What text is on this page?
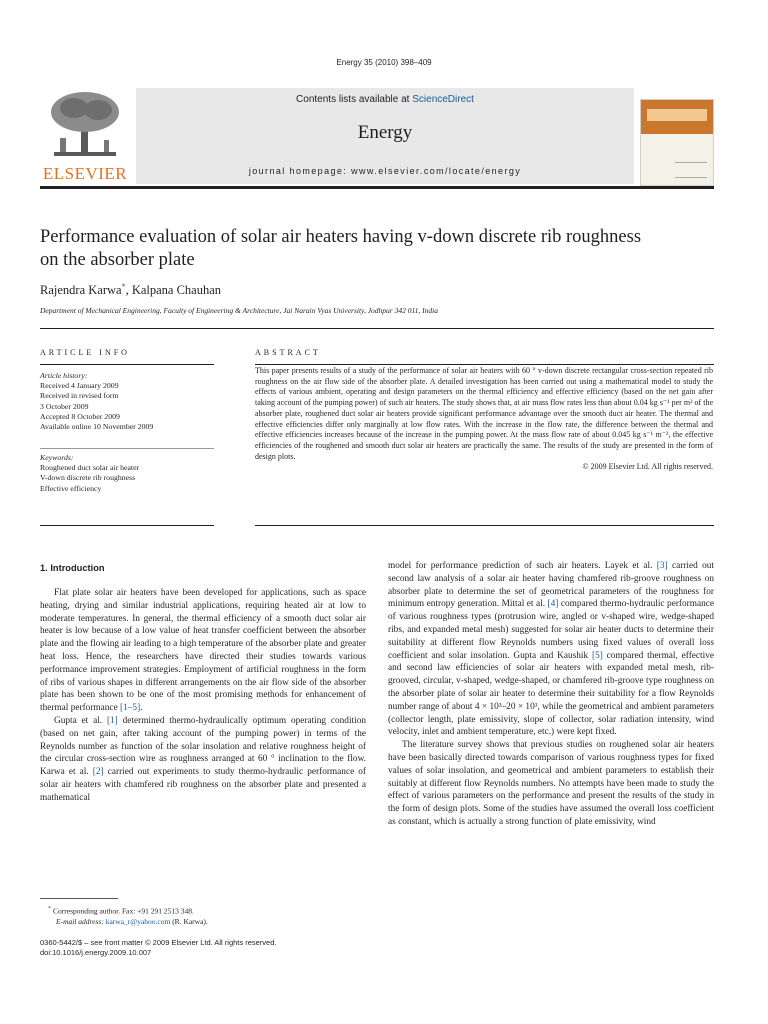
Energy 35 (2010) 398–409
ELSEVIER
Contents lists available at ScienceDirect
Energy
journal homepage: www.elsevier.com/locate/energy
Performance evaluation of solar air heaters having v-down discrete rib roughness on the absorber plate
Rajendra Karwa*, Kalpana Chauhan
Department of Mechanical Engineering, Faculty of Engineering & Architecture, Jai Narain Vyas University, Jodhpur 342 011, India
ARTICLE INFO
Article history:
Received 4 January 2009
Received in revised form
3 October 2009
Accepted 8 October 2009
Available online 10 November 2009
Keywords:
Roughened duct solar air heater
V-down discrete rib roughness
Effective efficiency
ABSTRACT
This paper presents results of a study of the performance of solar air heaters with 60 ° v-down discrete rectangular cross-section repeated rib roughness on the air flow side of the absorber plate. A detailed investigation has been carried out using a mathematical model to study the effects of various ambient, operating and design parameters on the thermal efficiency and effective efficiency (based on the net gain after taking account of the pumping power) of such air heaters. The study shows that, at air mass flow rates less than about 0.04 kg s⁻¹ per m² of the absorber plate, roughened duct solar air heaters provide significant performance advantage over the smooth duct air heater. The thermal and effective efficiencies differ only marginally at low flow rates. With the increase in the flow rate, the difference between the thermal and effective efficiencies increases because of the increase in the pumping power. At the mass flow rate of about 0.045 kg s⁻¹ m⁻², the effective efficiencies of the roughened and smooth duct solar air heaters are practically the same. The results of the study are presented in the form of design plots.
© 2009 Elsevier Ltd. All rights reserved.
1. Introduction

Flat plate solar air heaters have been developed for applications, such as space heating, drying and similar industrial applications, requiring heated air at low to moderate temperatures. In general, the thermal efficiency of a smooth duct solar air heater is low because of a low value of heat transfer coefficient between the absorber plate and the flowing air leading to a high temperature of the absorber plate and greater heat loss. Hence, the researchers have directed their studies towards various performance improvement strategies. Employment of artificial roughness in the form of ribs of various shapes in different arrangements on the air flow side of the absorber plate has been shown to be one of the most promising methods for enhancement of thermal performance [1–5].

Gupta et al. [1] determined thermo-hydraulically optimum operating condition (based on net gain, after taking account of the pumping power) in terms of the Reynolds number as function of the solar insolation and relative roughness height of the circular cross-section wire as roughness arranged at 60 ° inclination to the flow. Karwa et al. [2] carried out experiments to study thermo-hydraulic performance of solar air heaters with chamfered rib roughness on the absorber plate and presented a mathematical

model for performance prediction of such air heaters. Layek et al. [3] carried out second law analysis of a solar air heater having chamfered rib-groove roughness on absorber plate to determine the set of geometrical parameters of the roughness for minimum entropy generation. Mittal et al. [4] compared thermo-hydraulic performance of various roughness types (protrusion wire, angled or v-shaped wire, wedge-shaped ribs, and expanded metal mesh) suggested for solar air heater ducts to determine their suitability at different flow Reynolds numbers using fixed values of overall loss coefficient and solar insolation. Gupta and Kaushik [5] compared thermal, effective and second law efficiencies of solar air heaters with expanded metal mesh, rib-grooved, circular, v-shaped, wedge-shaped, or chamfered rib-groove type roughness on the absorber plate of solar air heater to determine their suitability for a flow Reynolds number range of about 4 × 10³–20 × 10³, while the geometrical and ambient parameters (collector length, plate emissivity, slope of collector, solar radiation intensity, wind velocity, inlet and ambient temperature, etc.) were kept fixed.

The literature survey shows that previous studies on roughened solar air heaters have been basically directed towards comparison of various roughness types for fixed values of solar insolation, and geometrical and ambient parameters to establish their suitably at different flow Reynolds numbers. No attempts have been made to study the effect of various parameters on the performance and present the results of the study in the form of design plots. Some of the studies have assumed the overall loss coefficient as constant, which is actually a strong function of plate emissivity, wind

* Corresponding author. Fax: +91 291 2513 348.
E-mail address: karwa_r@yahoo.com (R. Karwa).
0360-5442/$ – see front matter © 2009 Elsevier Ltd. All rights reserved.
doi:10.1016/j.energy.2009.10.007
